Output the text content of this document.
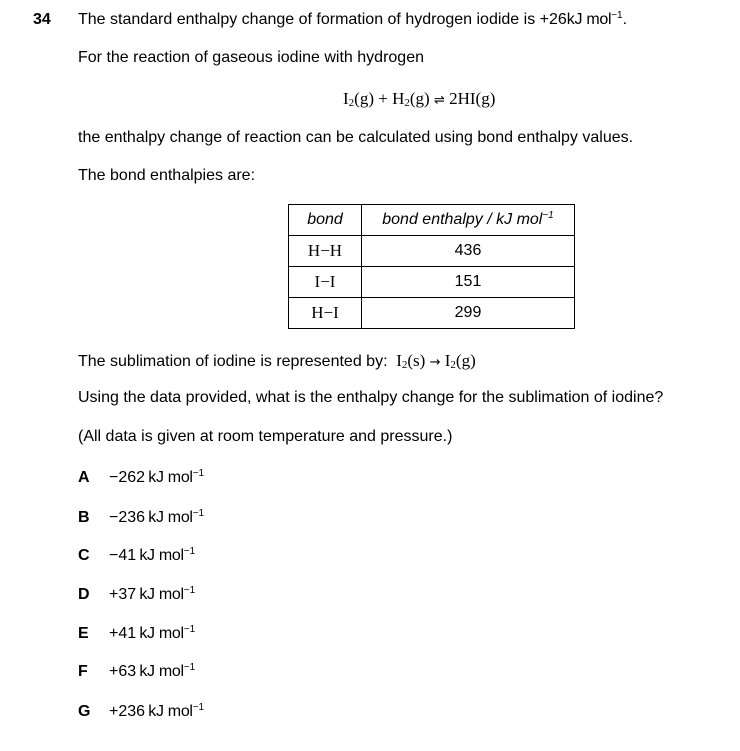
34 The standard enthalpy change of formation of hydrogen iodide is +26kJ mol$^{-1}$.
For the reaction of gaseous iodine with hydrogen
$I_2(g) + H_2(g)$ ⇌ 2HI(g)
the enthalpy change of reaction can be calculated using bond enthalpy values.
The bond enthalpies are:
bond	bond enthalpy / kJ mol$^{-1}$
H−H	436
I−I	151
H−I	299
The sublimation of iodine is represented by: $I_2(s) \to I_2(g)$
Using the data provided, what is the enthalpy change for the sublimation of iodine?
(All data is given at room temperature and pressure.)
A −262  kJ mol$^{-1}$
B −236  kJ mol$^{-1}$
C −41  kJ mol$^{-1}$
D +37  kJ mol$^{-1}$
E +41  kJ mol$^{-1}$
F +63  kJ mol$^{-1}$
G +236  kJ mol$^{-1}$
